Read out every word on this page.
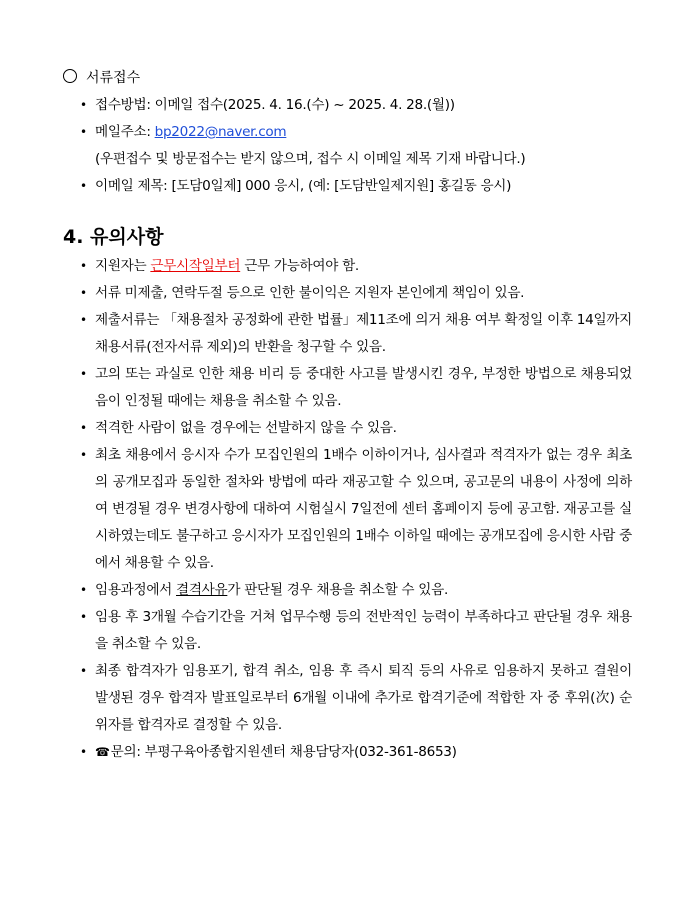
서류접수
• 접수방법: 이메일 접수(2025. 4. 16.(수) ~ 2025. 4. 28.(월))
• 메일주소: bp2022@naver.com
(우편접수 및 방문접수는 받지 않으며, 접수 시 이메일 제목 기재 바랍니다.)
• 이메일 제목: [도담0일제] 000 응시, (예: [도담반일제지원] 홍길동 응시)
4. 유의사항
• 지원자는 근무시작일부터 근무 가능하여야 함.
• 서류 미제출, 연락두절 등으로 인한 불이익은 지원자 본인에게 책임이 있음.
• 제출서류는 「채용절차 공정화에 관한 법률」제11조에 의거 채용 여부 확정일 이후 14일까지 채용서류(전자서류 제외)의 반환을 청구할 수 있음.
• 고의 또는 과실로 인한 채용 비리 등 중대한 사고를 발생시킨 경우, 부정한 방법으로 채용되었음이 인정될 때에는 채용을 취소할 수 있음.
• 적격한 사람이 없을 경우에는 선발하지 않을 수 있음.
• 최초 채용에서 응시자 수가 모집인원의 1배수 이하이거나, 심사결과 적격자가 없는 경우 최초의 공개모집과 동일한 절차와 방법에 따라 재공고할 수 있으며, 공고문의 내용이 사정에 의하여 변경될 경우 변경사항에 대하여 시험실시 7일전에 센터 홈페이지 등에 공고함. 재공고를 실시하였는데도 불구하고 응시자가 모집인원의 1배수 이하일 때에는 공개모집에 응시한 사람 중에서 채용할 수 있음.
• 임용과정에서 결격사유가 판단될 경우 채용을 취소할 수 있음.
• 임용 후 3개월 수습기간을 거쳐 업무수행 등의 전반적인 능력이 부족하다고 판단될 경우 채용을 취소할 수 있음.
• 최종 합격자가 임용포기, 합격 취소, 임용 후 즉시 퇴직 등의 사유로 임용하지 못하고 결원이 발생된 경우 합격자 발표일로부터 6개월 이내에 추가로 합격기준에 적합한 자 중 후위(次) 순위자를 합격자로 결정할 수 있음.
• ☎문의: 부평구육아종합지원센터 채용담당자(032-361-8653)
